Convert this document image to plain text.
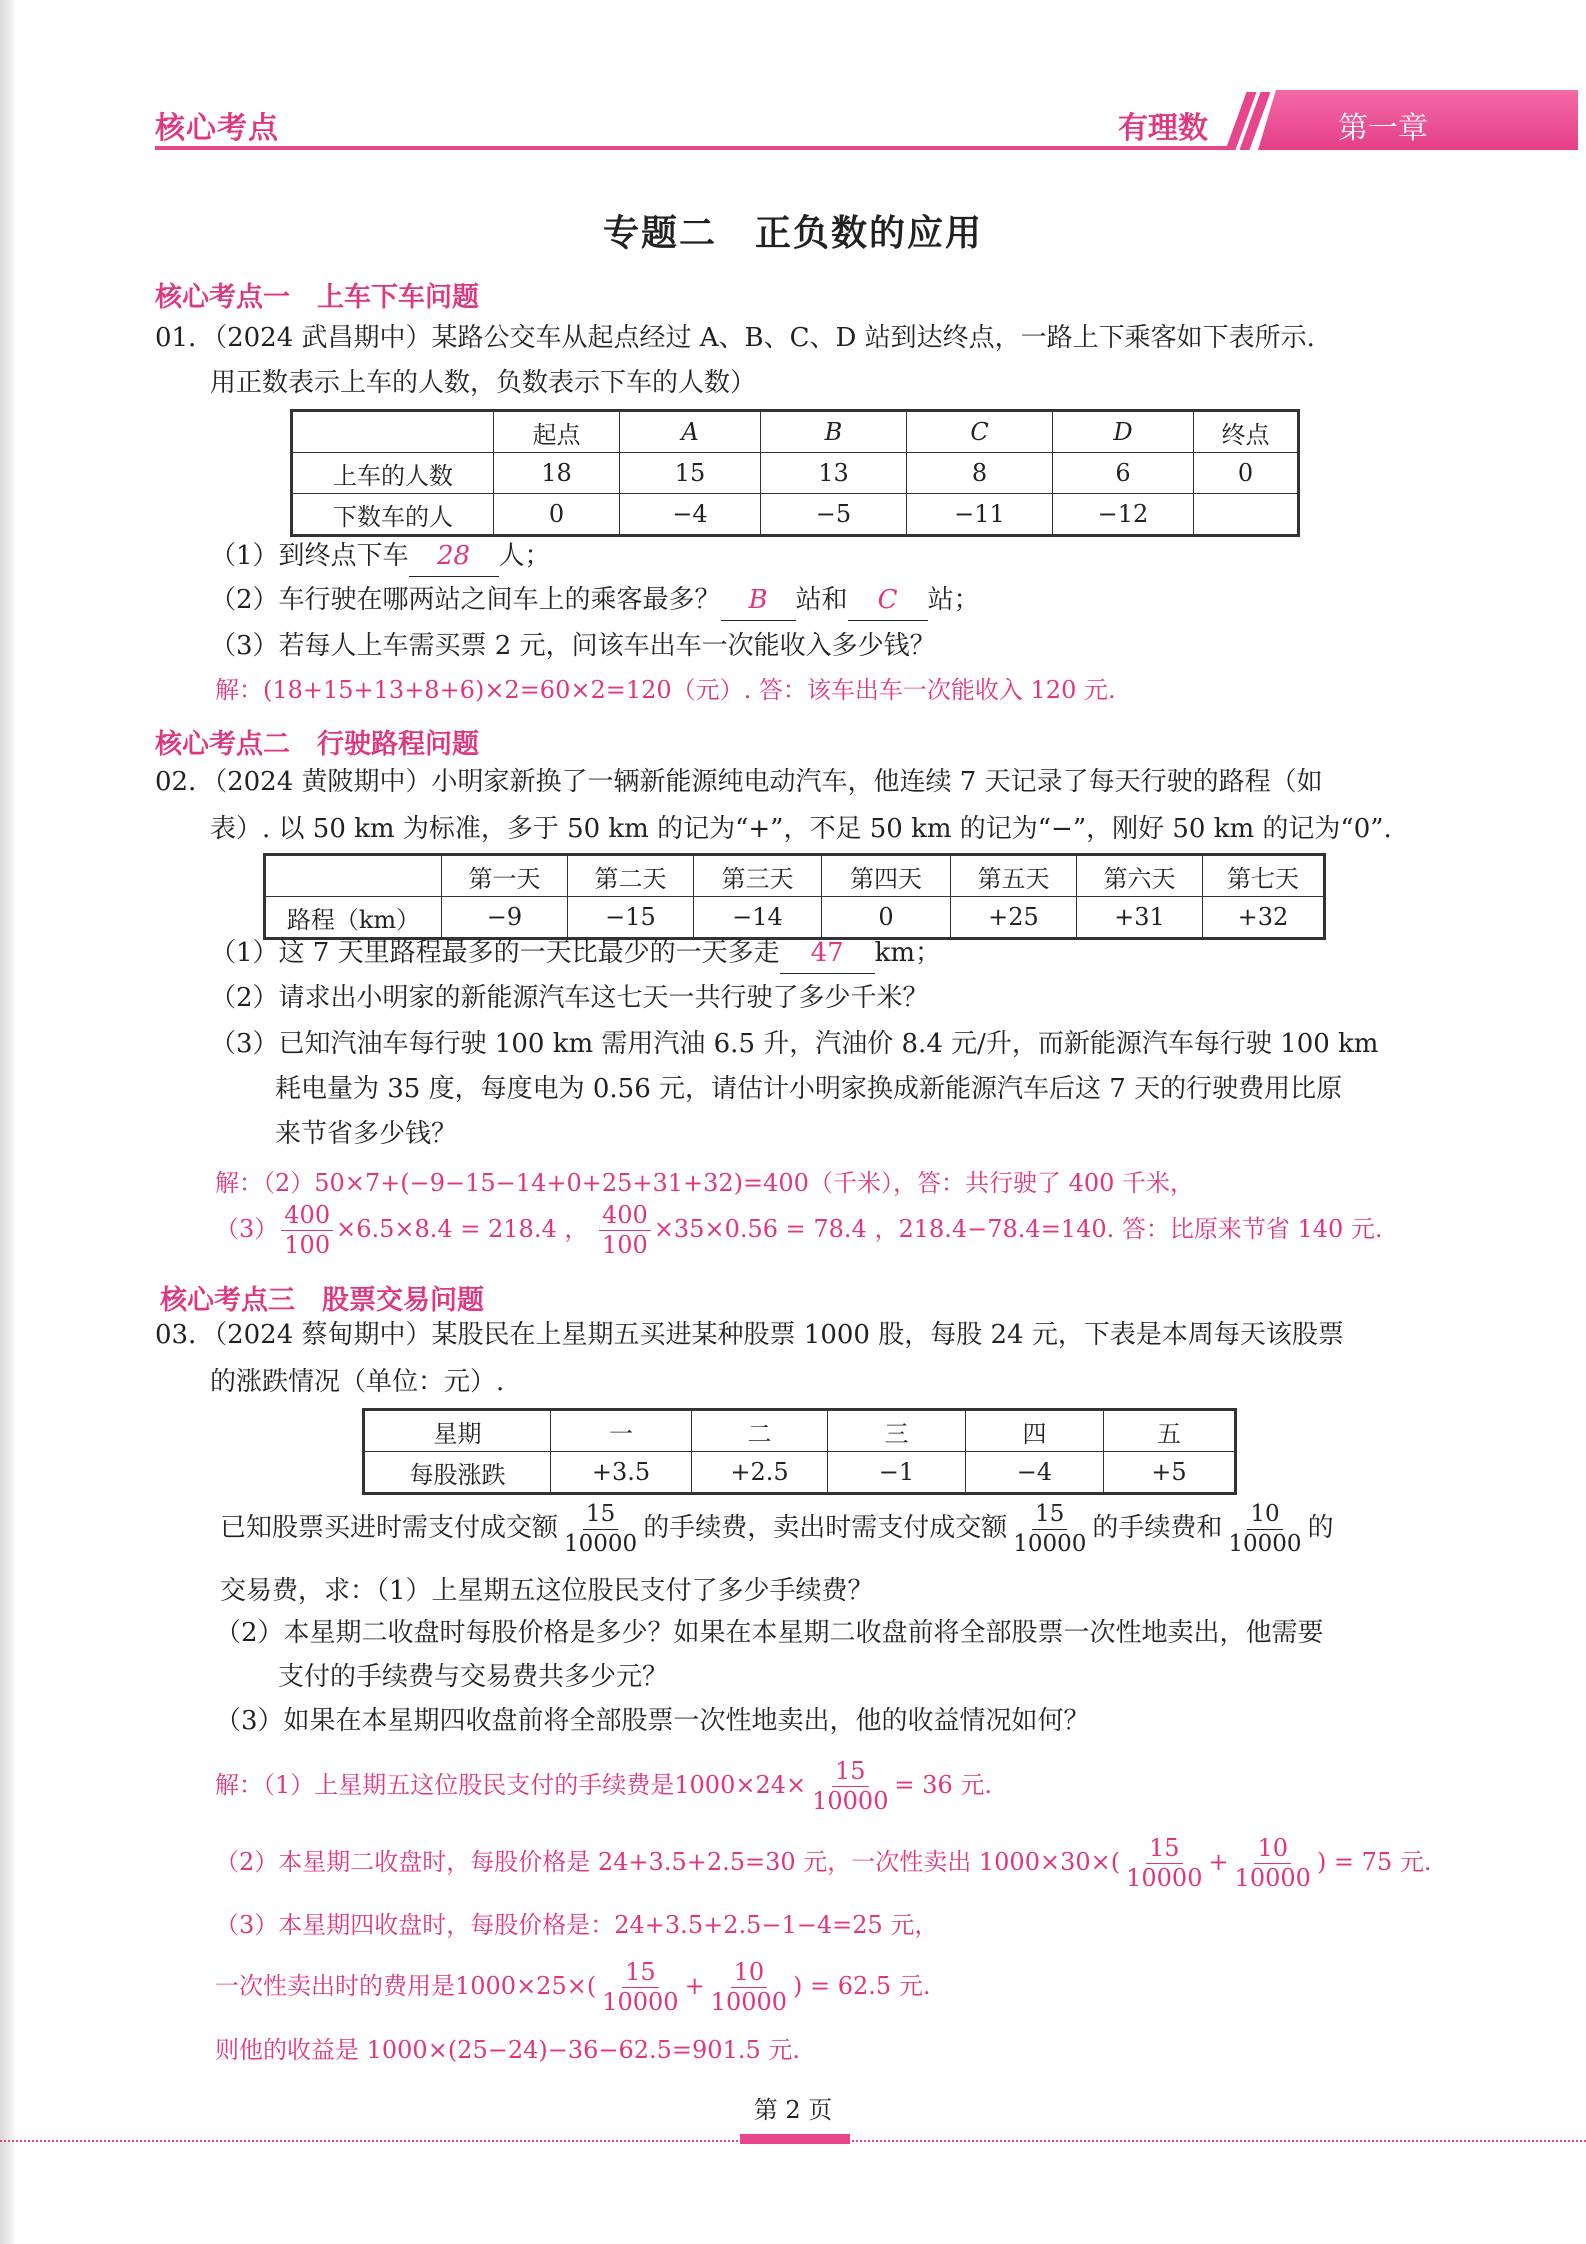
核心考点	有理数	第一章
专题二　正负数的应用
核心考点一　上车下车问题
01．（2024 武昌期中）某路公交车从起点经过 A、B、C、D 站到达终点，一路上下乘客如下表所示.
用正数表示上车的人数，负数表示下车的人数）
	起点	A	B	C	D	终点
上车的人数	18	15	13	8	6	0
下数车的人	0	−4	−5	−11	−12	
（1）到终点下车 28 人；
（2）车行驶在哪两站之间车上的乘客最多？ B 站和 C 站；
（3）若每人上车需买票 2 元，问该车出车一次能收入多少钱？
解：(18+15+13+8+6)×2=60×2=120（元）. 答：该车出车一次能收入 120 元.
核心考点二　行驶路程问题
02．（2024 黄陂期中）小明家新换了一辆新能源纯电动汽车，他连续 7 天记录了每天行驶的路程（如
表）. 以 50 km 为标准，多于 50 km 的记为“+”，不足 50 km 的记为“−”，刚好 50 km 的记为“0”.
	第一天	第二天	第三天	第四天	第五天	第六天	第七天
路程（km）	−9	−15	−14	0	+25	+31	+32
（1）这 7 天里路程最多的一天比最少的一天多走 47 km；
（2）请求出小明家的新能源汽车这七天一共行驶了多少千米？
（3）已知汽油车每行驶 100 km 需用汽油 6.5 升，汽油价 8.4 元/升，而新能源汽车每行驶 100 km
耗电量为 35 度，每度电为 0.56 元，请估计小明家换成新能源汽车后这 7 天的行驶费用比原
来节省多少钱？
解：（2）50×7+(−9−15−14+0+25+31+32)=400（千米），答：共行驶了 400 千米，
$(3) \frac{400}{100} \times 6.5\times 8.4 = 218.4$ ， $\frac{400}{100} \times 35\times 0.56 = 78.4$ ，218.4−78.4=140. 答：比原来节省 140 元.
核心考点三　股票交易问题
03．（2024 蔡甸期中）某股民在上星期五买进某种股票 1000 股，每股 24 元，下表是本周每天该股票
的涨跌情况（单位：元）.
星期	一	二	三	四	五
每股涨跌	+3.5	+2.5	−1	−4	+5
已知股票买进时需支付成交额 $\frac{15}{10000}$ 的手续费，卖出时需支付成交额 $\frac{15}{10000}$ 的手续费和 $\frac{10}{10000}$ 的
交易费，求：（1）上星期五这位股民支付了多少手续费？
（2）本星期二收盘时每股价格是多少？如果在本星期二收盘前将全部股票一次性地卖出，他需要
支付的手续费与交易费共多少元？
（3）如果在本星期四收盘前将全部股票一次性地卖出，他的收益情况如何？
解：（1）上星期五这位股民支付的手续费是$1000\times 24\times \frac{15}{10000} = 36$ 元.
（2）本星期二收盘时，每股价格是 24+3.5+2.5=30 元，一次性卖出 $1000\times 30\times( \frac{15}{10000} + \frac{10}{10000}$ ) = 75 元.
（3）本星期四收盘时，每股价格是：24+3.5+2.5−1−4=25 元，
一次性卖出时的费用是$1000\times 25\times( \frac{15}{10000} + \frac{10}{10000}$ ) = 62.5 元.
则他的收益是 1000×(25−24)−36−62.5=901.5 元.
第 2 页
